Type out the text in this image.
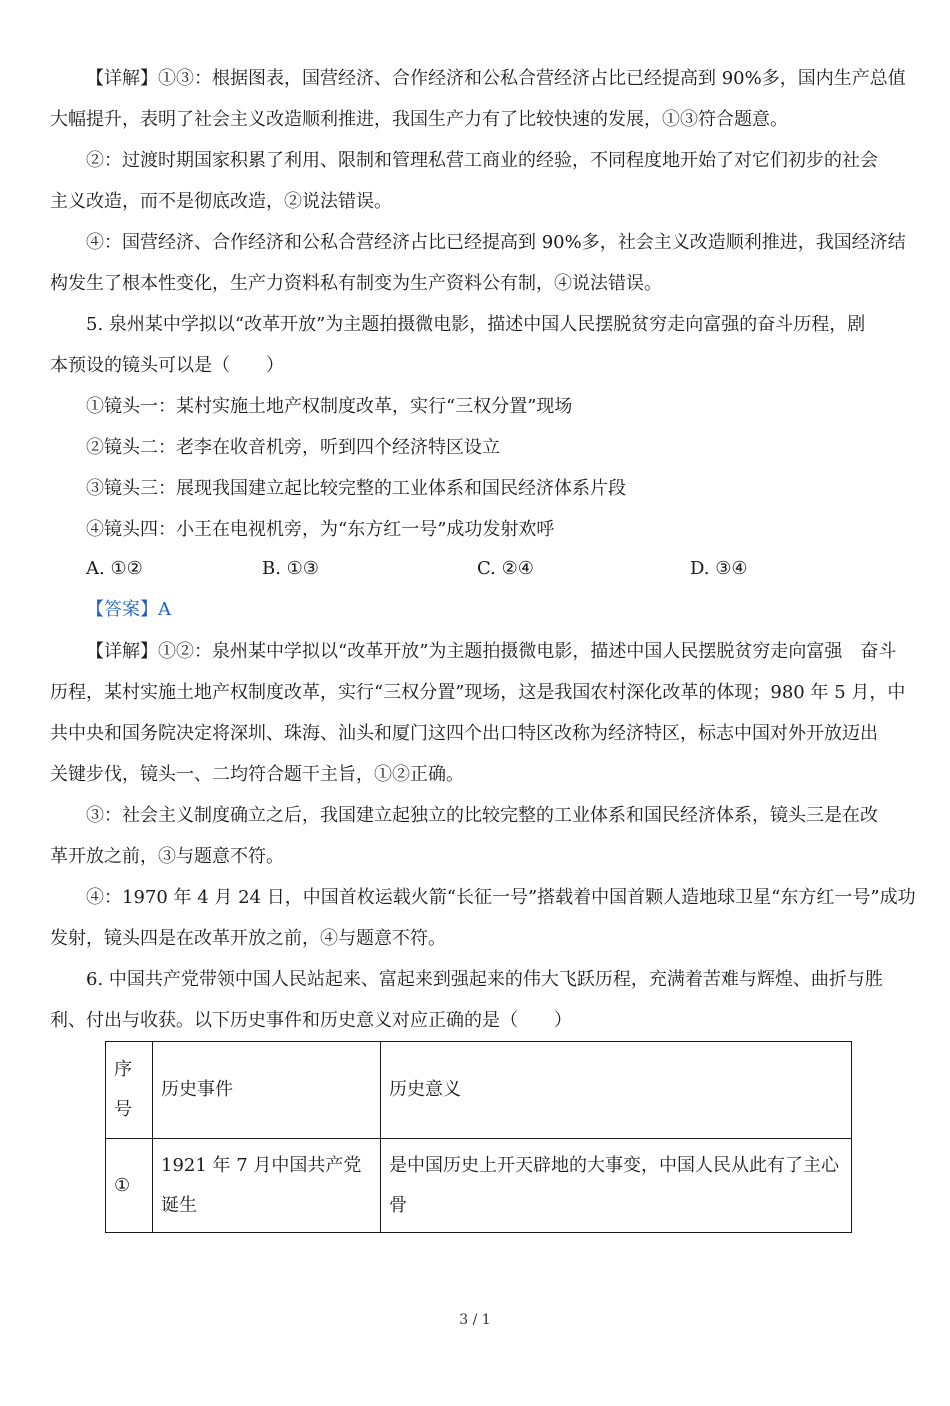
【详解】①③：根据图表，国营经济、合作经济和公私合营经济占比已经提高到 90%多，国内生产总值
大幅提升，表明了社会主义改造顺利推进，我国生产力有了比较快速的发展，①③符合题意。
②：过渡时期国家积累了利用、限制和管理私营工商业的经验，不同程度地开始了对它们初步的社会
主义改造，而不是彻底改造，②说法错误。
④：国营经济、合作经济和公私合营经济占比已经提高到 90%多，社会主义改造顺利推进，我国经济结
构发生了根本性变化，生产力资料私有制变为生产资料公有制，④说法错误。
5. 泉州某中学拟以“改革开放”为主题拍摄微电影，描述中国人民摆脱贫穷走向富强的奋斗历程，剧
本预设的镜头可以是（　　）
①镜头一：某村实施土地产权制度改革，实行“三权分置”现场
②镜头二：老李在收音机旁，听到四个经济特区设立
③镜头三：展现我国建立起比较完整的工业体系和国民经济体系片段
④镜头四：小王在电视机旁，为“东方红一号”成功发射欢呼
A. ①②	B. ①③	C. ②④	D. ③④
【答案】A
【详解】①②：泉州某中学拟以“改革开放”为主题拍摄微电影，描述中国人民摆脱贫穷走向富强　奋斗
历程，某村实施土地产权制度改革，实行“三权分置”现场，这是我国农村深化改革的体现；980 年 5 月，中
共中央和国务院决定将深圳、珠海、汕头和厦门这四个出口特区改称为经济特区，标志中国对外开放迈出
关键步伐，镜头一、二均符合题干主旨，①②正确。
③：社会主义制度确立之后，我国建立起独立的比较完整的工业体系和国民经济体系，镜头三是在改
革开放之前，③与题意不符。
④：1970 年 4 月 24 日，中国首枚运载火箭“长征一号”搭载着中国首颗人造地球卫星“东方红一号”成功
发射，镜头四是在改革开放之前，④与题意不符。
6. 中国共产党带领中国人民站起来、富起来到强起来的伟大飞跃历程，充满着苦难与辉煌、曲折与胜
利、付出与收获。以下历史事件和历史意义对应正确的是（　　）
序号	历史事件	历史意义
①	1921 年 7 月中国共产党诞生	是中国历史上开天辟地的大事变，中国人民从此有了主心骨
3 / 1
